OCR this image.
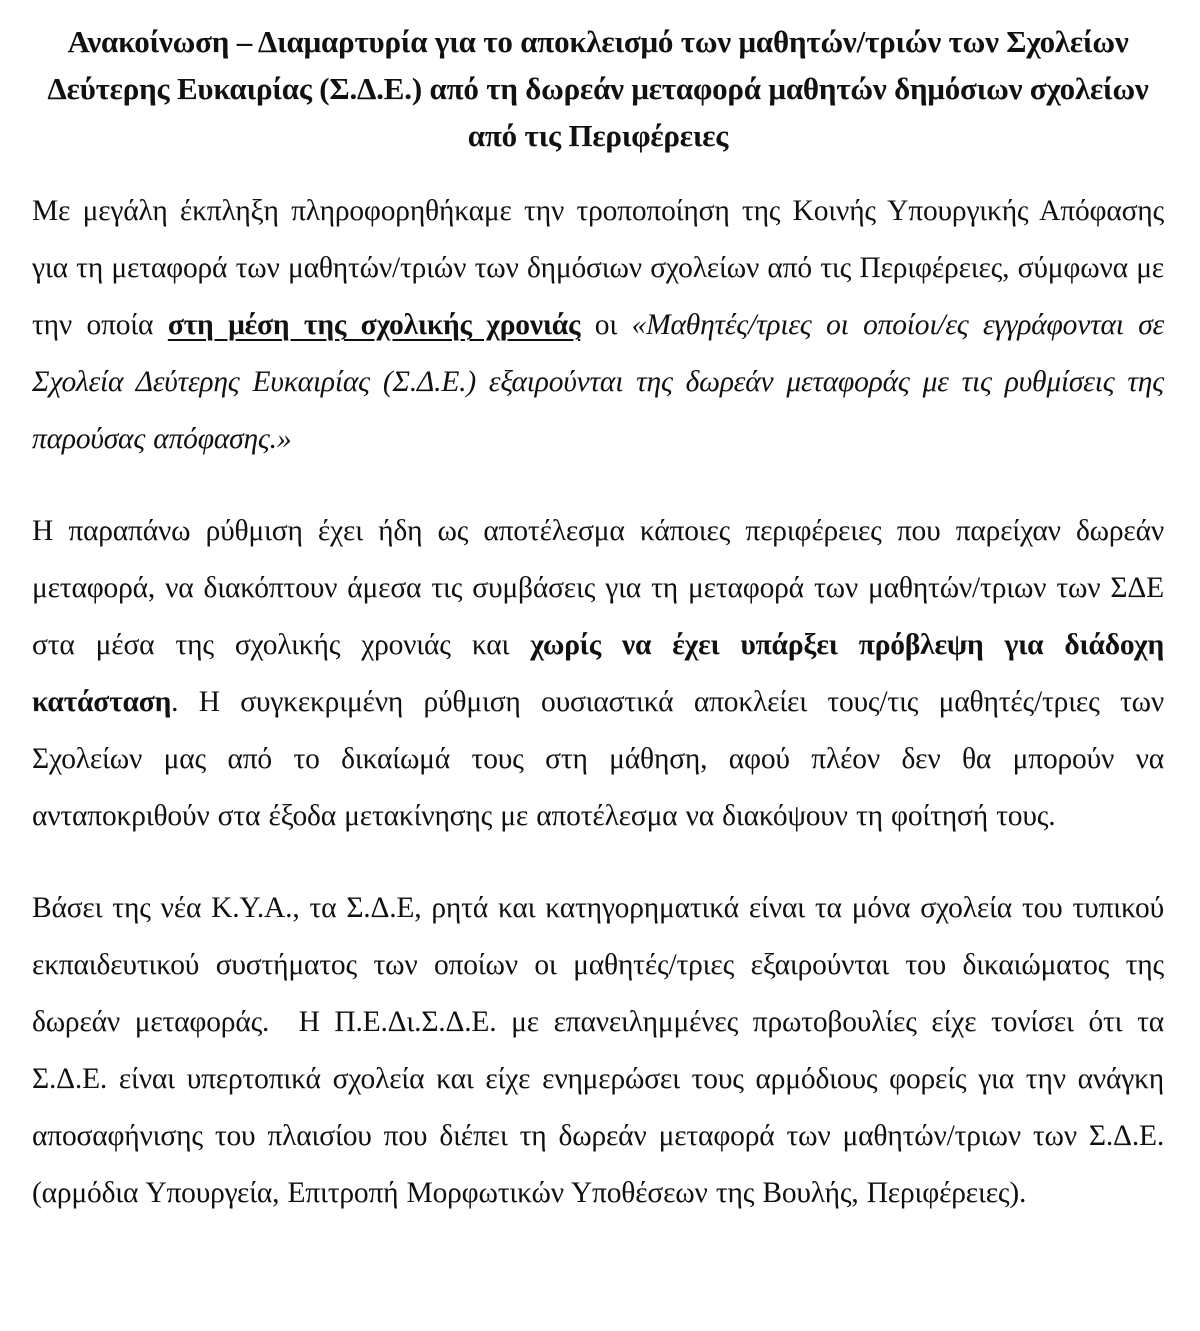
Ανακοίνωση – Διαμαρτυρία για το αποκλεισμό των μαθητών/τριών των Σχολείων Δεύτερης Ευκαιρίας (Σ.Δ.Ε.) από τη δωρεάν μεταφορά μαθητών δημόσιων σχολείων από τις Περιφέρειες

Με μεγάλη έκπληξη πληροφορηθήκαμε την τροποποίηση της Κοινής Υπουργικής Απόφασης για τη μεταφορά των μαθητών/τριών των δημόσιων σχολείων από τις Περιφέρειες, σύμφωνα με την οποία στη μέση της σχολικής χρονιάς οι «Μαθητές/τριες οι οποίοι/ες εγγράφονται σε Σχολεία Δεύτερης Ευκαιρίας (Σ.Δ.Ε.) εξαιρούνται της δωρεάν μεταφοράς με τις ρυθμίσεις της παρούσας απόφασης.»

Η παραπάνω ρύθμιση έχει ήδη ως αποτέλεσμα κάποιες περιφέρειες που παρείχαν δωρεάν μεταφορά, να διακόπτουν άμεσα τις συμβάσεις για τη μεταφορά των μαθητών/τριων των ΣΔΕ στα μέσα της σχολικής χρονιάς και χωρίς να έχει υπάρξει πρόβλεψη για διάδοχη κατάσταση. Η συγκεκριμένη ρύθμιση ουσιαστικά αποκλείει τους/τις μαθητές/τριες των Σχολείων μας από το δικαίωμά τους στη μάθηση, αφού πλέον δεν θα μπορούν να ανταποκριθούν στα έξοδα μετακίνησης με αποτέλεσμα να διακόψουν τη φοίτησή τους.

Βάσει της νέα Κ.Υ.Α., τα Σ.Δ.Ε, ρητά και κατηγορηματικά είναι τα μόνα σχολεία του τυπικού εκπαιδευτικού συστήματος των οποίων οι μαθητές/τριες εξαιρούνται του δικαιώματος της δωρεάν μεταφοράς.  Η Π.Ε.Δι.Σ.Δ.Ε. με επανειλημμένες πρωτοβουλίες είχε τονίσει ότι τα Σ.Δ.Ε. είναι υπερτοπικά σχολεία και είχε ενημερώσει τους αρμόδιους φορείς για την ανάγκη αποσαφήνισης του πλαισίου που διέπει τη δωρεάν μεταφορά των μαθητών/τριων των Σ.Δ.Ε. (αρμόδια Υπουργεία, Επιτροπή Μορφωτικών Υποθέσεων της Βουλής, Περιφέρειες).
